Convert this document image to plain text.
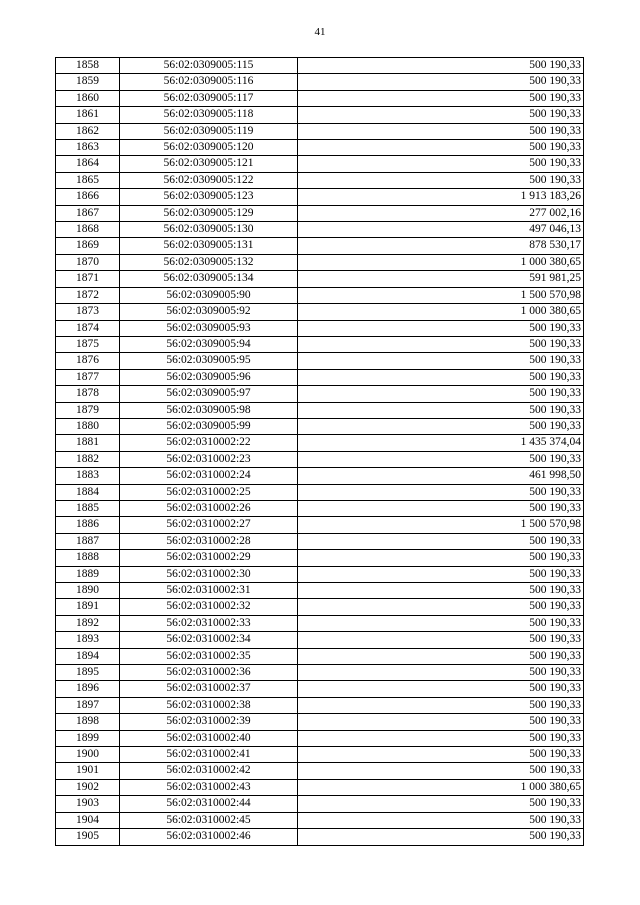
41
1858	56:02:0309005:115	500 190,33
1859	56:02:0309005:116	500 190,33
1860	56:02:0309005:117	500 190,33
1861	56:02:0309005:118	500 190,33
1862	56:02:0309005:119	500 190,33
1863	56:02:0309005:120	500 190,33
1864	56:02:0309005:121	500 190,33
1865	56:02:0309005:122	500 190,33
1866	56:02:0309005:123	1 913 183,26
1867	56:02:0309005:129	277 002,16
1868	56:02:0309005:130	497 046,13
1869	56:02:0309005:131	878 530,17
1870	56:02:0309005:132	1 000 380,65
1871	56:02:0309005:134	591 981,25
1872	56:02:0309005:90	1 500 570,98
1873	56:02:0309005:92	1 000 380,65
1874	56:02:0309005:93	500 190,33
1875	56:02:0309005:94	500 190,33
1876	56:02:0309005:95	500 190,33
1877	56:02:0309005:96	500 190,33
1878	56:02:0309005:97	500 190,33
1879	56:02:0309005:98	500 190,33
1880	56:02:0309005:99	500 190,33
1881	56:02:0310002:22	1 435 374,04
1882	56:02:0310002:23	500 190,33
1883	56:02:0310002:24	461 998,50
1884	56:02:0310002:25	500 190,33
1885	56:02:0310002:26	500 190,33
1886	56:02:0310002:27	1 500 570,98
1887	56:02:0310002:28	500 190,33
1888	56:02:0310002:29	500 190,33
1889	56:02:0310002:30	500 190,33
1890	56:02:0310002:31	500 190,33
1891	56:02:0310002:32	500 190,33
1892	56:02:0310002:33	500 190,33
1893	56:02:0310002:34	500 190,33
1894	56:02:0310002:35	500 190,33
1895	56:02:0310002:36	500 190,33
1896	56:02:0310002:37	500 190,33
1897	56:02:0310002:38	500 190,33
1898	56:02:0310002:39	500 190,33
1899	56:02:0310002:40	500 190,33
1900	56:02:0310002:41	500 190,33
1901	56:02:0310002:42	500 190,33
1902	56:02:0310002:43	1 000 380,65
1903	56:02:0310002:44	500 190,33
1904	56:02:0310002:45	500 190,33
1905	56:02:0310002:46	500 190,33
